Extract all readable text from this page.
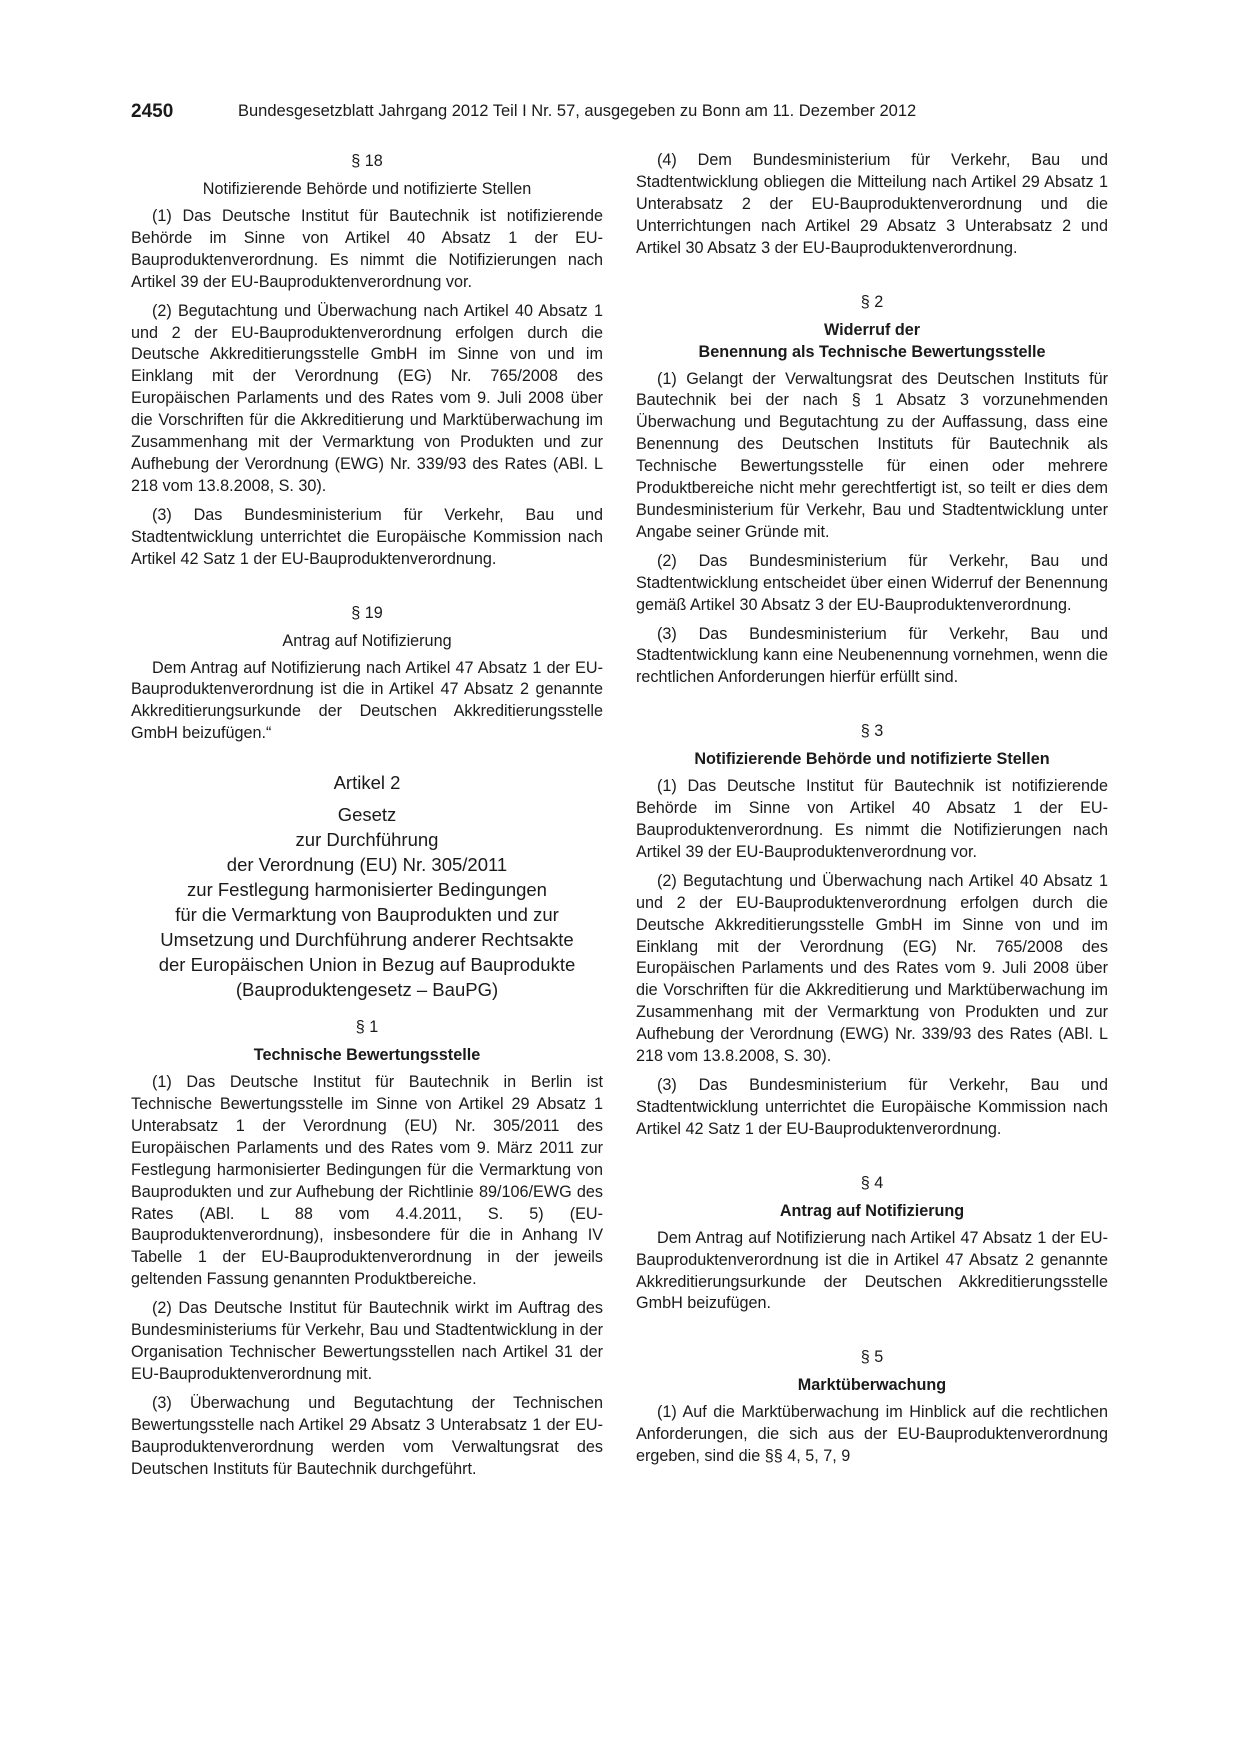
2450	Bundesgesetzblatt Jahrgang 2012 Teil I Nr. 57, ausgegeben zu Bonn am 11. Dezember 2012
§ 18
Notifizierende Behörde und notifizierte Stellen

(1) Das Deutsche Institut für Bautechnik ist notifizierende Behörde im Sinne von Artikel 40 Absatz 1 der EU-Bauproduktenverordnung. Es nimmt die Notifizierungen nach Artikel 39 der EU-Bauproduktenverordnung vor.

(2) Begutachtung und Überwachung nach Artikel 40 Absatz 1 und 2 der EU-Bauproduktenverordnung erfolgen durch die Deutsche Akkreditierungsstelle GmbH im Sinne von und im Einklang mit der Verordnung (EG) Nr. 765/2008 des Europäischen Parlaments und des Rates vom 9. Juli 2008 über die Vorschriften für die Akkreditierung und Marktüberwachung im Zusammenhang mit der Vermarktung von Produkten und zur Aufhebung der Verordnung (EWG) Nr. 339/93 des Rates (ABl. L 218 vom 13.8.2008, S. 30).

(3) Das Bundesministerium für Verkehr, Bau und Stadtentwicklung unterrichtet die Europäische Kommission nach Artikel 42 Satz 1 der EU-Bauproduktenverordnung.

§ 19
Antrag auf Notifizierung

Dem Antrag auf Notifizierung nach Artikel 47 Absatz 1 der EU-Bauproduktenverordnung ist die in Artikel 47 Absatz 2 genannte Akkreditierungsurkunde der Deutschen Akkreditierungsstelle GmbH beizufügen.“

Artikel 2
Gesetz
zur Durchführung
der Verordnung (EU) Nr. 305/2011
zur Festlegung harmonisierter Bedingungen
für die Vermarktung von Bauprodukten und zur
Umsetzung und Durchführung anderer Rechtsakte
der Europäischen Union in Bezug auf Bauprodukte
(Bauproduktengesetz – BauPG)
§ 1
Technische Bewertungsstelle

(1) Das Deutsche Institut für Bautechnik in Berlin ist Technische Bewertungsstelle im Sinne von Artikel 29 Absatz 1 Unterabsatz 1 der Verordnung (EU) Nr. 305/2011 des Europäischen Parlaments und des Rates vom 9. März 2011 zur Festlegung harmonisierter Bedingungen für die Vermarktung von Bauprodukten und zur Aufhebung der Richtlinie 89/106/EWG des Rates (ABl. L 88 vom 4.4.2011, S. 5) (EU-Bauproduktenverordnung), insbesondere für die in Anhang IV Tabelle 1 der EU-Bauproduktenverordnung in der jeweils geltenden Fassung genannten Produktbereiche.

(2) Das Deutsche Institut für Bautechnik wirkt im Auftrag des Bundesministeriums für Verkehr, Bau und Stadtentwicklung in der Organisation Technischer Bewertungsstellen nach Artikel 31 der EU-Bauproduktenverordnung mit.

(3) Überwachung und Begutachtung der Technischen Bewertungsstelle nach Artikel 29 Absatz 3 Unterabsatz 1 der EU-Bauproduktenverordnung werden vom Verwaltungsrat des Deutschen Instituts für Bautechnik durchgeführt.

(4) Dem Bundesministerium für Verkehr, Bau und Stadtentwicklung obliegen die Mitteilung nach Artikel 29 Absatz 1 Unterabsatz 2 der EU-Bauproduktenverordnung und die Unterrichtungen nach Artikel 29 Absatz 3 Unterabsatz 2 und Artikel 30 Absatz 3 der EU-Bauproduktenverordnung.

§ 2
Widerruf der
Benennung als Technische Bewertungsstelle

(1) Gelangt der Verwaltungsrat des Deutschen Instituts für Bautechnik bei der nach § 1 Absatz 3 vorzunehmenden Überwachung und Begutachtung zu der Auffassung, dass eine Benennung des Deutschen Instituts für Bautechnik als Technische Bewertungsstelle für einen oder mehrere Produktbereiche nicht mehr gerechtfertigt ist, so teilt er dies dem Bundesministerium für Verkehr, Bau und Stadtentwicklung unter Angabe seiner Gründe mit.

(2) Das Bundesministerium für Verkehr, Bau und Stadtentwicklung entscheidet über einen Widerruf der Benennung gemäß Artikel 30 Absatz 3 der EU-Bauproduktenverordnung.

(3) Das Bundesministerium für Verkehr, Bau und Stadtentwicklung kann eine Neubenennung vornehmen, wenn die rechtlichen Anforderungen hierfür erfüllt sind.

§ 3
Notifizierende Behörde und notifizierte Stellen

(1) Das Deutsche Institut für Bautechnik ist notifizierende Behörde im Sinne von Artikel 40 Absatz 1 der EU-Bauproduktenverordnung. Es nimmt die Notifizierungen nach Artikel 39 der EU-Bauproduktenverordnung vor.

(2) Begutachtung und Überwachung nach Artikel 40 Absatz 1 und 2 der EU-Bauproduktenverordnung erfolgen durch die Deutsche Akkreditierungsstelle GmbH im Sinne von und im Einklang mit der Verordnung (EG) Nr. 765/2008 des Europäischen Parlaments und des Rates vom 9. Juli 2008 über die Vorschriften für die Akkreditierung und Marktüberwachung im Zusammenhang mit der Vermarktung von Produkten und zur Aufhebung der Verordnung (EWG) Nr. 339/93 des Rates (ABl. L 218 vom 13.8.2008, S. 30).

(3) Das Bundesministerium für Verkehr, Bau und Stadtentwicklung unterrichtet die Europäische Kommission nach Artikel 42 Satz 1 der EU-Bauproduktenverordnung.

§ 4
Antrag auf Notifizierung

Dem Antrag auf Notifizierung nach Artikel 47 Absatz 1 der EU-Bauproduktenverordnung ist die in Artikel 47 Absatz 2 genannte Akkreditierungsurkunde der Deutschen Akkreditierungsstelle GmbH beizufügen.

§ 5
Marktüberwachung

(1) Auf die Marktüberwachung im Hinblick auf die rechtlichen Anforderungen, die sich aus der EU-Bauproduktenverordnung ergeben, sind die §§ 4, 5, 7, 9
